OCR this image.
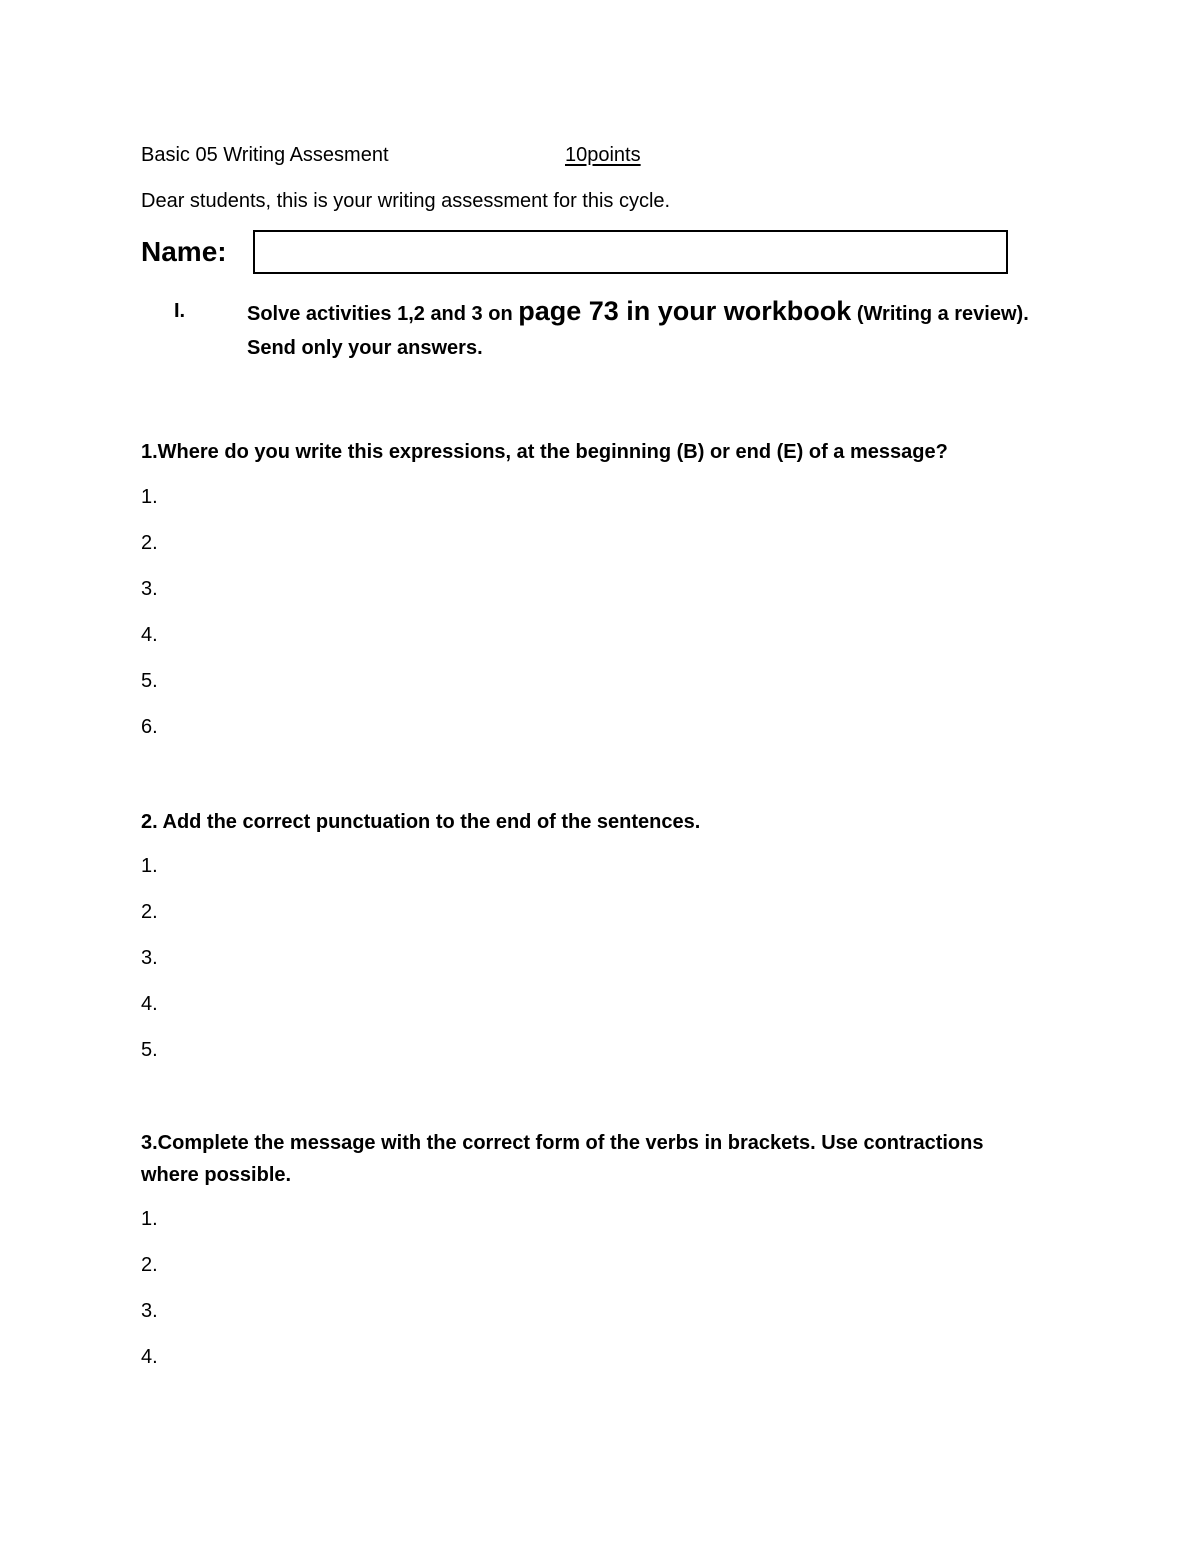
Basic 05 Writing Assesment	10points
Dear students, this is your writing assessment for this cycle.
Name:
I.	Solve activities 1,2 and 3 on page 73 in your workbook (Writing a review).
Send only your answers.
1.Where do you write this expressions, at the beginning (B) or end (E) of a message?
1.
2.
3.
4.
5.
6.
2. Add the correct punctuation to the end of the sentences.
1.
2.
3.
4.
5.
3.Complete the message with the correct form of the verbs in brackets. Use contractions where possible.
1.
2.
3.
4.
